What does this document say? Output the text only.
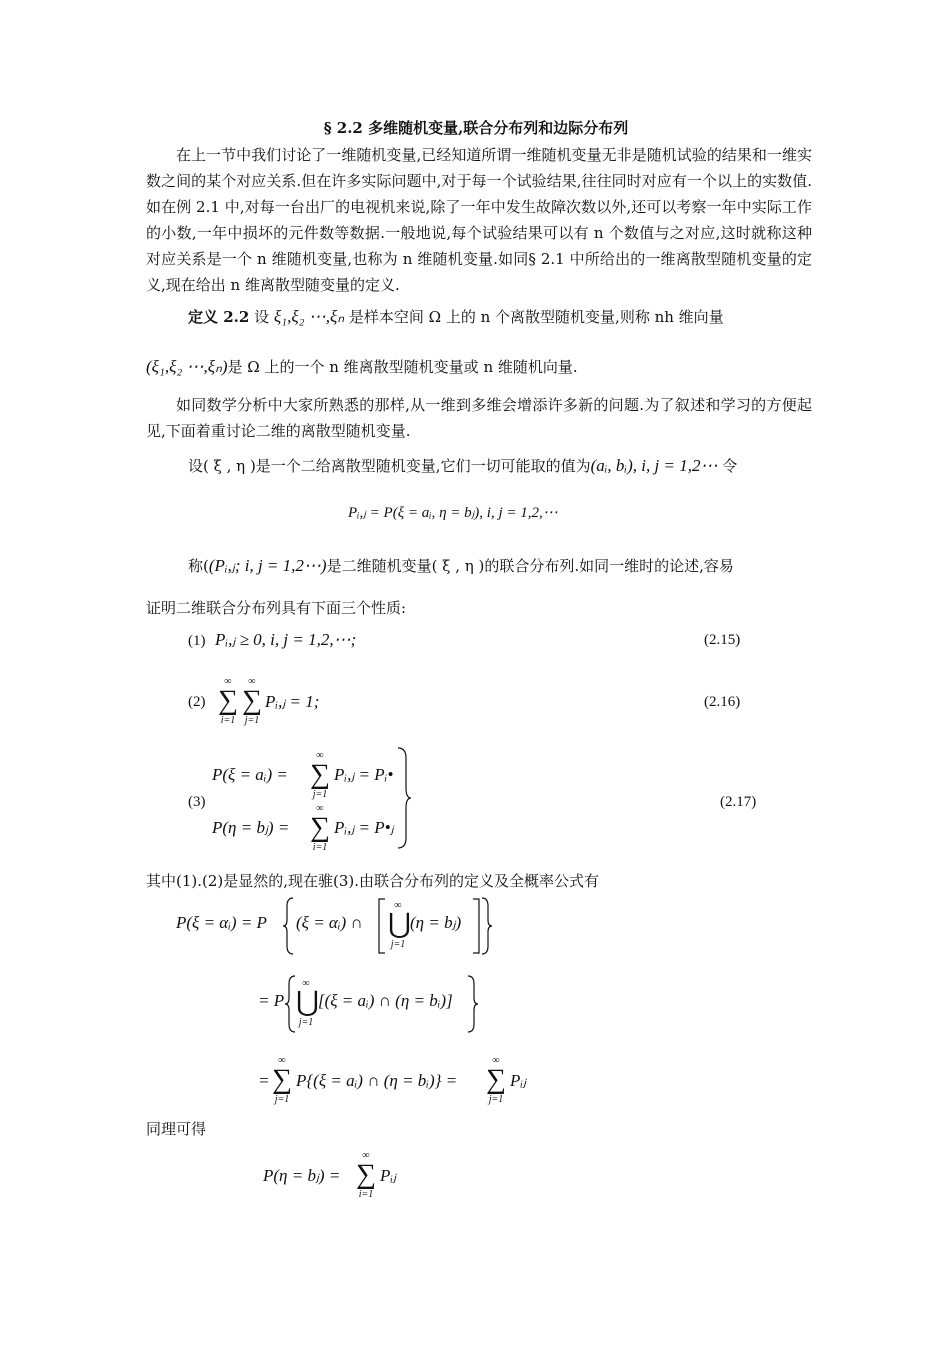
§ 2.2 多维随机变量,联合分布列和边际分布列

在上一节中我们讨论了一维随机变量,已经知道所谓一维随机变量无非是随机试验的结果和一维实数之间的某个对应关系.但在许多实际问题中,对于每一个试验结果,往往同时对应有一个以上的实数值.如在例 2.1 中,对每一台出厂的电视机来说,除了一年中发生故障次数以外,还可以考察一年中实际工作的小数,一年中损坏的元件数等数据.一般地说,每个试验结果可以有 n 个数值与之对应,这时就称这种对应关系是一个 n 维随机变量,也称为 n 维随机变量.如同§ 2.1 中所给出的一维离散型随机变量的定义,现在给出 n 维离散型随变量的定义.

定义 2.2 设 ξ₁,ξ₂ ⋯,ξₙ 是样本空间 Ω 上的 n 个离散型随机变量,则称 nh 维向量
(ξ₁,ξ₂ ⋯,ξₙ)是 Ω 上的一个 n 维离散型随机变量或 n 维随机向量.

如同数学分析中大家所熟悉的那样,从一维到多维会增添许多新的问题.为了叙述和学习的方便起见,下面着重讨论二维的离散型随机变量.

设( ξ , η )是一个二给离散型随机变量,它们一切可能取的值为(aᵢ, bᵢ), i, j = 1,2⋯ 令
Pᵢ,ⱼ = P(ξ = aᵢ, η = bⱼ), i, j = 1,2,⋯
称((Pᵢ,ⱼ; i, j = 1,2⋯)是二维随机变量( ξ , η )的联合分布列.如同一维时的论述,容易
证明二维联合分布列具有下面三个性质:
(1) Pᵢ,ⱼ ≥ 0, i, j = 1,2,⋯;	(2.15)
(2)
∞
∑
i=1
∞
∑
j=1
Pᵢ,ⱼ = 1;	(2.16)
(3)
P(ξ = aᵢ) =
∞
∑
j=1
Pᵢ,ⱼ = Pᵢ•
P(η = bⱼ) =
∞
∑
i=1
Pᵢ,ⱼ = P•ⱼ
(2.17)
其中(1).(2)是显然的,现在骓(3).由联合分布列的定义及全概率公式有
P(ξ = αᵢ) = P (ξ = αᵢ) ∩
∞
⋃
j=1
(η = bⱼ)
= P
∞
⋃
j=1
[(ξ = aᵢ) ∩ (η = bᵢ)]
=
∞
∑
j=1
P{(ξ = aᵢ) ∩ (η = bᵢ)} =
∞
∑
j=1
Pᵢⱼ
同理可得
P(η = bⱼ) =
∞
∑
i=1
Pᵢⱼ
